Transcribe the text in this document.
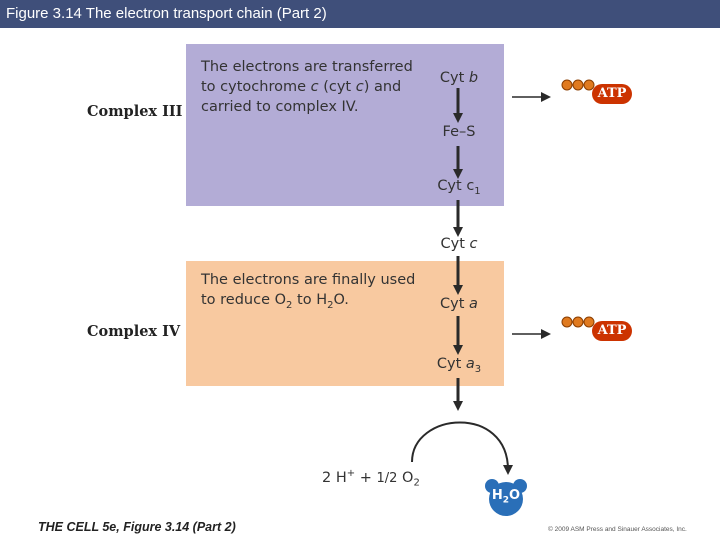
Figure 3.14 The electron transport chain (Part 2)
The electrons are transferred
to cytochrome c (cyt c) and
carried to complex IV.
The electrons are finally used
to reduce $O_2$ to $H_2O$.
Complex III
Complex IV
Cyt b
Fe–S
Cyt $c_1$
Cyt c
Cyt a
Cyt $a_3$
ATP
ATP
2 H+ + 1/2 $O_2$
$H_2O$
THE CELL 5e, Figure 3.14 (Part 2)	© 2009 ASM Press and Sinauer Associates, Inc.
